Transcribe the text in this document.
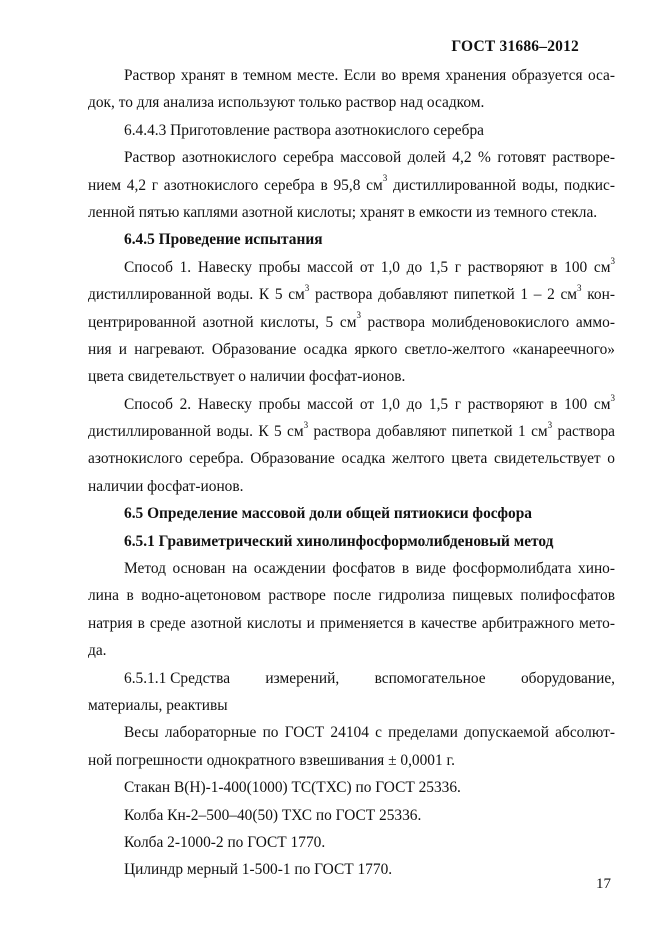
ГОСТ 31686–2012
Раствор хранят в темном месте. Если во время хранения образуется оса-
док, то для анализа используют только раствор над осадком.
6.4.4.3 Приготовление раствора азотнокислого серебра
Раствор азотнокислого серебра массовой долей 4,2 % готовят растворе-
нием 4,2 г азотнокислого серебра в 95,8 $см^3$ дистиллированной воды, подкис-
ленной пятью каплями азотной кислоты; хранят в емкости из темного стекла.
6.4.5 Проведение испытания
Способ 1. Навеску пробы массой от 1,0 до 1,5 г растворяют в 100 $см^3$
дистиллированной воды. К 5 $см^3$ раствора добавляют пипеткой 1 – 2 $см^3$ кон-
центрированной азотной кислоты, 5 $см^3$ раствора молибденовокислого аммо-
ния и нагревают. Образование осадка яркого светло-желтого «канареечного»
цвета свидетельствует о наличии фосфат-ионов.
Способ 2. Навеску пробы массой от 1,0 до 1,5 г растворяют в 100 $см^3$
дистиллированной воды. К 5 $см^3$ раствора добавляют пипеткой 1 $см^3$ раствора
азотнокислого серебра. Образование осадка желтого цвета свидетельствует о
наличии фосфат-ионов.
6.5 Определение массовой доли общей пятиокиси фосфора
6.5.1 Гравиметрический хинолинфосформолибденовый метод
Метод основан на осаждении фосфатов в виде фосформолибдата хино-
лина в водно-ацетоновом растворе после гидролиза пищевых полифосфатов
натрия в среде азотной кислоты и применяется в качестве арбитражного мето-
да.
6.5.1.1 Средства измерений, вспомогательное оборудование,
материалы, реактивы
Весы лабораторные по ГОСТ 24104 с пределами допускаемой абсолют-
ной погрешности однократного взвешивания ± 0,0001 г.
Стакан В(Н)-1-400(1000) ТС(ТХС) по ГОСТ 25336.
Колба Кн-2–500–40(50) ТХС по ГОСТ 25336.
Колба 2-1000-2 по ГОСТ 1770.
Цилиндр мерный 1-500-1 по ГОСТ 1770.
17
